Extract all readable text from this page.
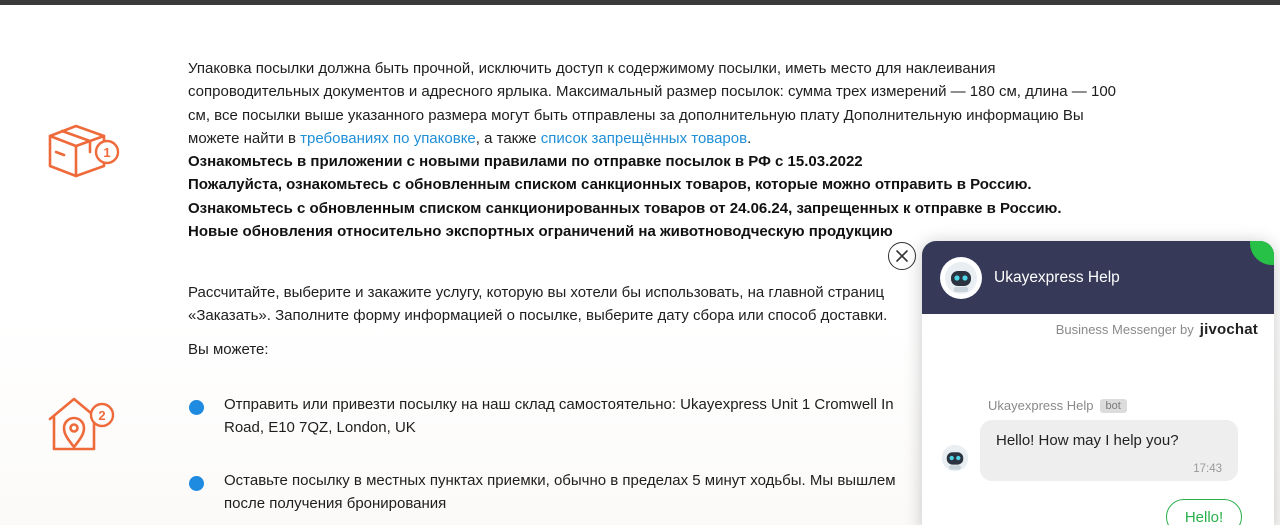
1
2

Упаковка посылки должна быть прочной, исключить доступ к содержимому посылки, иметь место для наклеивания сопроводительных документов и адресного ярлыка. Максимальный размер посылок: сумма трех измерений — 180 см, длина — 100 см, все посылки выше указанного размера могут быть отправлены за дополнительную плату Дополнительную информацию Вы можете найти в требованиях по упаковке, а также список запрещённых товаров.

Ознакомьтесь в приложении с новыми правилами по отправке посылок в РФ с 15.03.2022

Пожалуйста, ознакомьтесь с обновленным списком санкционных товаров, которые можно отправить в Россию.

Ознакомьтесь с обновленным списком санкционированных товаров от 24.06.24, запрещенных к отправке в Россию.

Новые обновления относительно экспортных ограничений на животноводческую продукцию

Рассчитайте, выберите и закажите услугу, которую вы хотели бы использовать, на главной страниц
«Заказать». Заполните форму информацией о посылке, выберите дату сбора или способ доставки.
Вы можете:
Отправить или привезти посылку на наш склад самостоятельно: Ukayexpress Unit 1 Cromwell In
Road, E10 7QZ, London, UK
Оставьте посылку в местных пунктах приемки, обычно в пределах 5 минут ходьбы. Мы вышлем
после получения бронирования
Ukayexpress Help
Business Messenger by jivochat
Ukayexpress Help	bot
Hello! How may I help you?
17:43
Hello!
